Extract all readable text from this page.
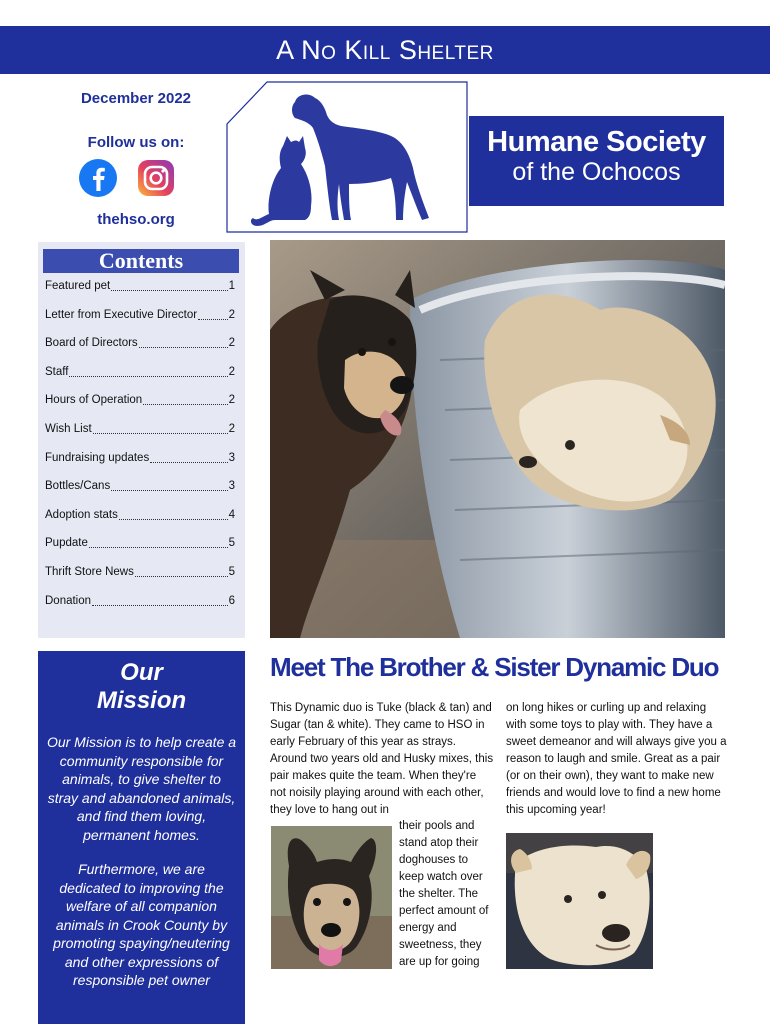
A No Kill Shelter
December 2022
Follow us on:
thehso.org
Humane Society
of the Ochocos
Contents
Featured pet	1
Letter from Executive Director	2
Board of Directors	2
Staff	2
Hours of Operation	2
Wish List	2
Fundraising updates	3
Bottles/Cans	3
Adoption stats	4
Pupdate	5
Thrift Store News	5
Donation	6
Our
Mission

Our Mission is to help create a community responsible for animals, to give shelter to stray and abandoned animals, and find them loving, permanent homes.

Furthermore, we are dedicated to improving the welfare of all companion animals in Crook County by promoting spaying/neutering and other expressions of responsible pet owner

Meet The Brother & Sister Dynamic Duo

This Dynamic duo is Tuke (black & tan) and Sugar (tan & white). They came to HSO in early February of this year as strays. Around two years old and Husky mixes, this pair makes quite the team. When they're not noisily playing around with each other, they love to hang out in

their pools and stand atop their doghouses to keep watch over the shelter. The perfect amount of energy and sweetness, they are up for going

on long hikes or curling up and relaxing with some toys to play with. They have a sweet demeanor and will always give you a reason to laugh and smile. Great as a pair (or on their own), they want to make new friends and would love to find a new home this upcoming year!
